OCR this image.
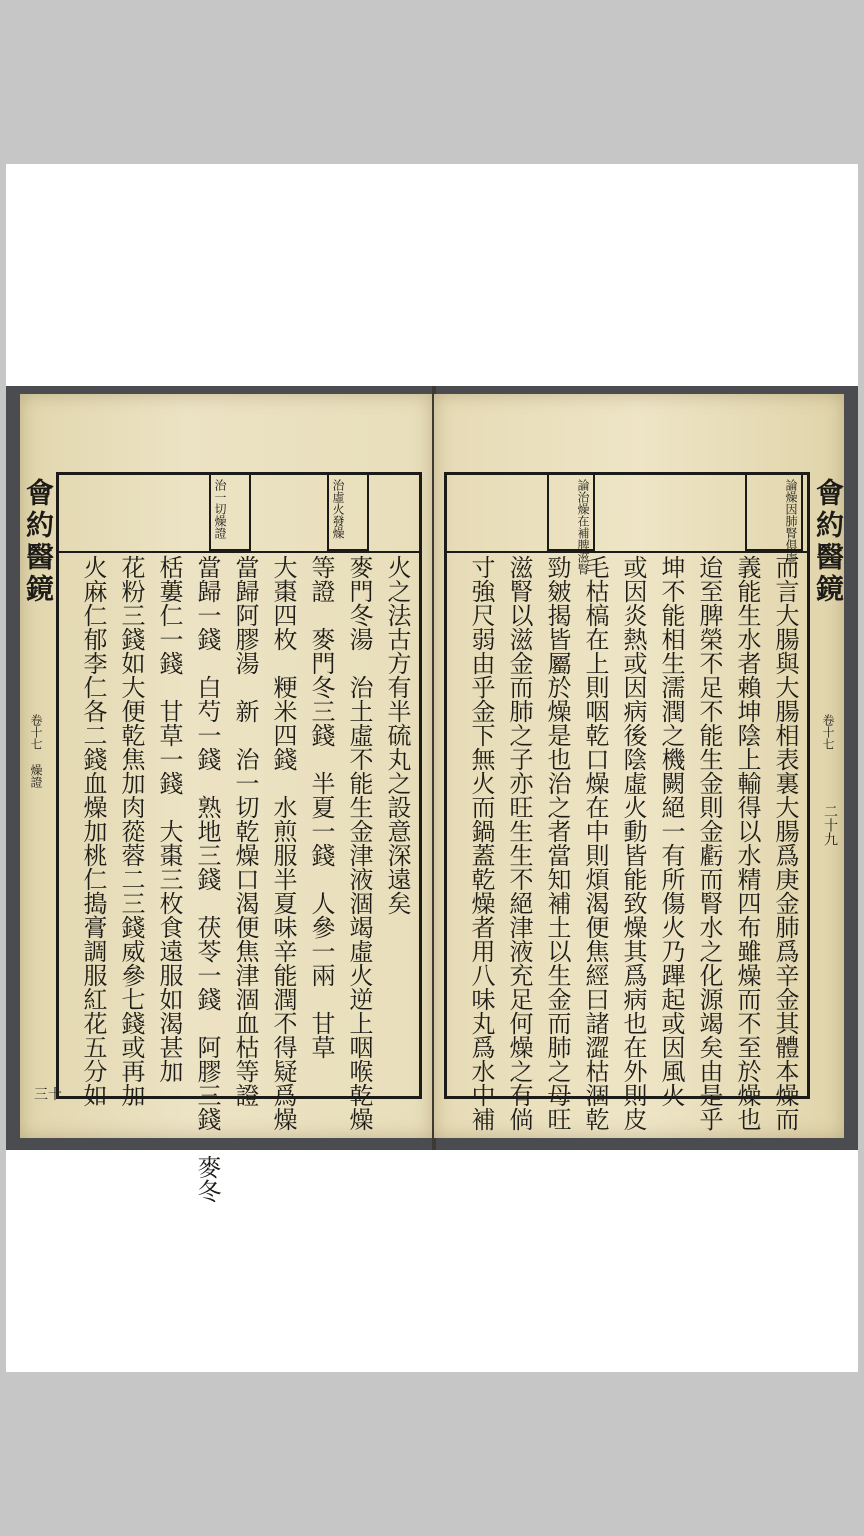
會約醫鏡
卷十七 燥證
三十
治虛火發燥
治一切燥證
火之法古方有半硫丸之設意深遠矣
麥門冬湯　治土虛不能生金津液涸竭虛火逆上咽喉乾燥
等證　麥門冬三錢　半夏一錢　人參一兩　甘草
大棗四枚　粳米四錢　水煎服半夏味辛能潤不得疑爲燥
當歸阿膠湯　新　治一切乾燥口渴便焦津涸血枯等證
當歸一錢　白芍一錢　熟地三錢　茯苓一錢　阿膠三錢　麥冬
栝蔞仁一錢　甘草一錢　大棗三枚食遠服如渴甚加
花粉三錢如大便乾焦加肉蓯蓉二三錢威參七錢或再加
火麻仁郁李仁各二錢血燥加桃仁搗膏調服紅花五分如
論燥因肺腎俱虛
論治燥在補脾滋腎
而言大腸與大腸相表裏大腸爲庚金肺爲辛金其體本燥而
義能生水者賴坤陰上輸得以水精四布雖燥而不至於燥也
迨至脾榮不足不能生金則金虧而腎水之化源竭矣由是乎
坤不能相生濡潤之機闕絕一有所傷火乃蹕起或因風火
或因炎熱或因病後陰虛火動皆能致燥其爲病也在外則皮
毛枯槁在上則咽乾口燥在中則煩渴便焦經曰諸澀枯涸乾
勁皴揭皆屬於燥是也治之者當知補土以生金而肺之母旺
滋腎以滋金而肺之子亦旺生生不絕津液充足何燥之有倘
寸強尺弱由乎金下無火而鍋蓋乾燥者用八味丸爲水中補
會約醫鏡
卷十七
二十九
